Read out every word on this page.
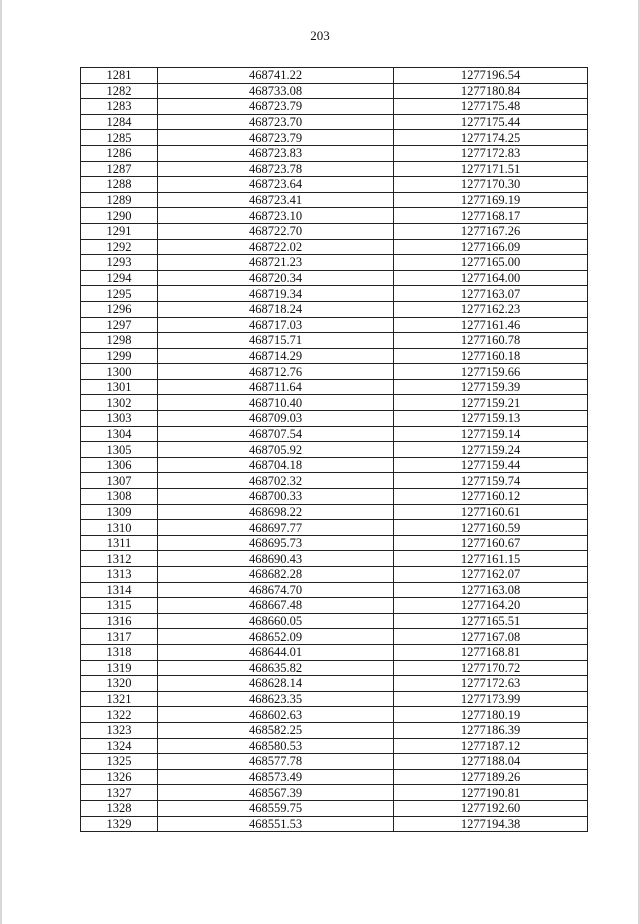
203
1281	468741.22	1277196.54
1282	468733.08	1277180.84
1283	468723.79	1277175.48
1284	468723.70	1277175.44
1285	468723.79	1277174.25
1286	468723.83	1277172.83
1287	468723.78	1277171.51
1288	468723.64	1277170.30
1289	468723.41	1277169.19
1290	468723.10	1277168.17
1291	468722.70	1277167.26
1292	468722.02	1277166.09
1293	468721.23	1277165.00
1294	468720.34	1277164.00
1295	468719.34	1277163.07
1296	468718.24	1277162.23
1297	468717.03	1277161.46
1298	468715.71	1277160.78
1299	468714.29	1277160.18
1300	468712.76	1277159.66
1301	468711.64	1277159.39
1302	468710.40	1277159.21
1303	468709.03	1277159.13
1304	468707.54	1277159.14
1305	468705.92	1277159.24
1306	468704.18	1277159.44
1307	468702.32	1277159.74
1308	468700.33	1277160.12
1309	468698.22	1277160.61
1310	468697.77	1277160.59
1311	468695.73	1277160.67
1312	468690.43	1277161.15
1313	468682.28	1277162.07
1314	468674.70	1277163.08
1315	468667.48	1277164.20
1316	468660.05	1277165.51
1317	468652.09	1277167.08
1318	468644.01	1277168.81
1319	468635.82	1277170.72
1320	468628.14	1277172.63
1321	468623.35	1277173.99
1322	468602.63	1277180.19
1323	468582.25	1277186.39
1324	468580.53	1277187.12
1325	468577.78	1277188.04
1326	468573.49	1277189.26
1327	468567.39	1277190.81
1328	468559.75	1277192.60
1329	468551.53	1277194.38
